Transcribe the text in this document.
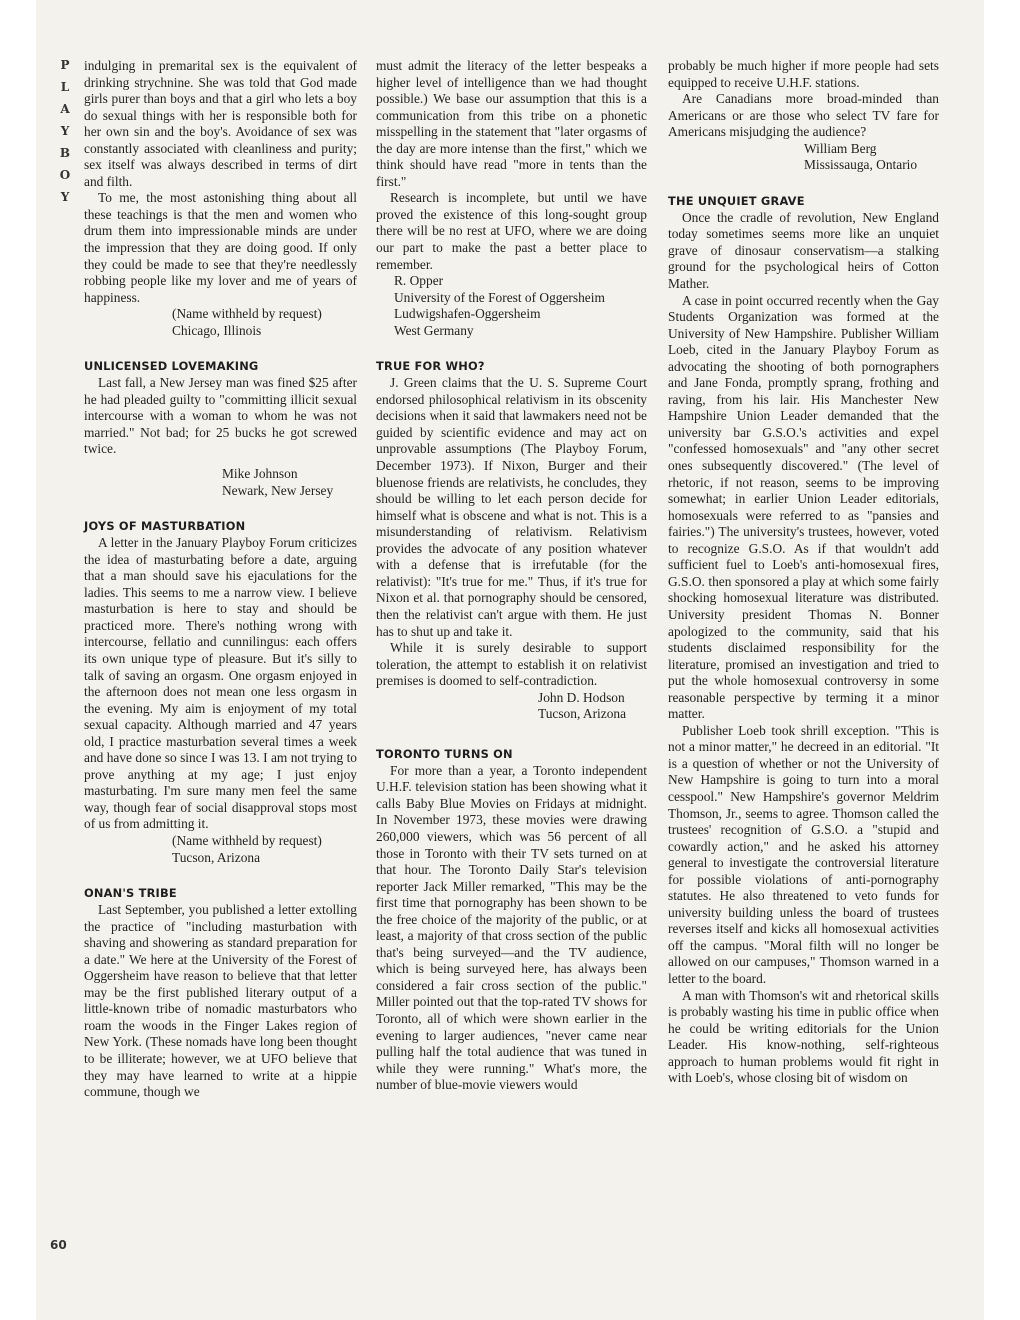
P
L
A
Y
B
O
Y
60

indulging in premarital sex is the equivalent of drinking strychnine. She was told that God made girls purer than boys and that a girl who lets a boy do sexual things with her is responsible both for her own sin and the boy's. Avoidance of sex was constantly associated with cleanliness and purity; sex itself was always described in terms of dirt and filth.

To me, the most astonishing thing about all these teachings is that the men and women who drum them into impressionable minds are under the impression that they are doing good. If only they could be made to see that they're needlessly robbing people like my lover and me of years of happiness.

(Name withheld by request)
Chicago, Illinois
UNLICENSED LOVEMAKING

Last fall, a New Jersey man was fined $25 after he had pleaded guilty to "committing illicit sexual intercourse with a woman to whom he was not married." Not bad; for 25 bucks he got screwed twice.

Mike Johnson
Newark, New Jersey
JOYS OF MASTURBATION

A letter in the January Playboy Forum criticizes the idea of masturbating before a date, arguing that a man should save his ejaculations for the ladies. This seems to me a narrow view. I believe masturbation is here to stay and should be practiced more. There's nothing wrong with intercourse, fellatio and cunnilingus: each offers its own unique type of pleasure. But it's silly to talk of saving an orgasm. One orgasm enjoyed in the afternoon does not mean one less orgasm in the evening. My aim is enjoyment of my total sexual capacity. Although married and 47 years old, I practice masturbation several times a week and have done so since I was 13. I am not trying to prove anything at my age; I just enjoy masturbating. I'm sure many men feel the same way, though fear of social disapproval stops most of us from admitting it.

(Name withheld by request)
Tucson, Arizona
ONAN'S TRIBE

Last September, you published a letter extolling the practice of "including masturbation with shaving and showering as standard preparation for a date." We here at the University of the Forest of Oggersheim have reason to believe that that letter may be the first published literary output of a little-known tribe of nomadic masturbators who roam the woods in the Finger Lakes region of New York. (These nomads have long been thought to be illiterate; however, we at UFO believe that they may have learned to write at a hippie commune, though we

must admit the literacy of the letter bespeaks a higher level of intelligence than we had thought possible.) We base our assumption that this is a communication from this tribe on a phonetic misspelling in the statement that "later orgasms of the day are more intense than the first," which we think should have read "more in tents than the first."

Research is incomplete, but until we have proved the existence of this long-sought group there will be no rest at UFO, where we are doing our part to make the past a better place to remember.

R. Opper
University of the Forest of Oggersheim
Ludwigshafen-Oggersheim
West Germany
TRUE FOR WHO?

J. Green claims that the U. S. Supreme Court endorsed philosophical relativism in its obscenity decisions when it said that lawmakers need not be guided by scientific evidence and may act on unprovable assumptions (The Playboy Forum, December 1973). If Nixon, Burger and their bluenose friends are relativists, he concludes, they should be willing to let each person decide for himself what is obscene and what is not. This is a misunderstanding of relativism. Relativism provides the advocate of any position whatever with a defense that is irrefutable (for the relativist): "It's true for me." Thus, if it's true for Nixon et al. that pornography should be censored, then the relativist can't argue with them. He just has to shut up and take it.

While it is surely desirable to support toleration, the attempt to establish it on relativist premises is doomed to self-contradiction.

John D. Hodson
Tucson, Arizona
TORONTO TURNS ON

For more than a year, a Toronto independent U.H.F. television station has been showing what it calls Baby Blue Movies on Fridays at midnight. In November 1973, these movies were drawing 260,000 viewers, which was 56 percent of all those in Toronto with their TV sets turned on at that hour. The Toronto Daily Star's television reporter Jack Miller remarked, "This may be the first time that pornography has been shown to be the free choice of the majority of the public, or at least, a majority of that cross section of the public that's being surveyed—and the TV audience, which is being surveyed here, has always been considered a fair cross section of the public." Miller pointed out that the top-rated TV shows for Toronto, all of which were shown earlier in the evening to larger audiences, "never came near pulling half the total audience that was tuned in while they were running." What's more, the number of blue-movie viewers would

probably be much higher if more people had sets equipped to receive U.H.F. stations.

Are Canadians more broad-minded than Americans or are those who select TV fare for Americans misjudging the audience?

William Berg
Mississauga, Ontario
THE UNQUIET GRAVE

Once the cradle of revolution, New England today sometimes seems more like an unquiet grave of dinosaur conservatism—a stalking ground for the psychological heirs of Cotton Mather.

A case in point occurred recently when the Gay Students Organization was formed at the University of New Hampshire. Publisher William Loeb, cited in the January Playboy Forum as advocating the shooting of both pornographers and Jane Fonda, promptly sprang, frothing and raving, from his lair. His Manchester New Hampshire Union Leader demanded that the university bar G.S.O.'s activities and expel "confessed homosexuals" and "any other secret ones subsequently discovered." (The level of rhetoric, if not reason, seems to be improving somewhat; in earlier Union Leader editorials, homosexuals were referred to as "pansies and fairies.") The university's trustees, however, voted to recognize G.S.O. As if that wouldn't add sufficient fuel to Loeb's anti-homosexual fires, G.S.O. then sponsored a play at which some fairly shocking homosexual literature was distributed. University president Thomas N. Bonner apologized to the community, said that his students disclaimed responsibility for the literature, promised an investigation and tried to put the whole homosexual controversy in some reasonable perspective by terming it a minor matter.

Publisher Loeb took shrill exception. "This is not a minor matter," he decreed in an editorial. "It is a question of whether or not the University of New Hampshire is going to turn into a moral cesspool." New Hampshire's governor Meldrim Thomson, Jr., seems to agree. Thomson called the trustees' recognition of G.S.O. a "stupid and cowardly action," and he asked his attorney general to investigate the controversial literature for possible violations of anti-pornography statutes. He also threatened to veto funds for university building unless the board of trustees reverses itself and kicks all homosexual activities off the campus. "Moral filth will no longer be allowed on our campuses," Thomson warned in a letter to the board.

A man with Thomson's wit and rhetorical skills is probably wasting his time in public office when he could be writing editorials for the Union Leader. His know-nothing, self-righteous approach to human problems would fit right in with Loeb's, whose closing bit of wisdom on
